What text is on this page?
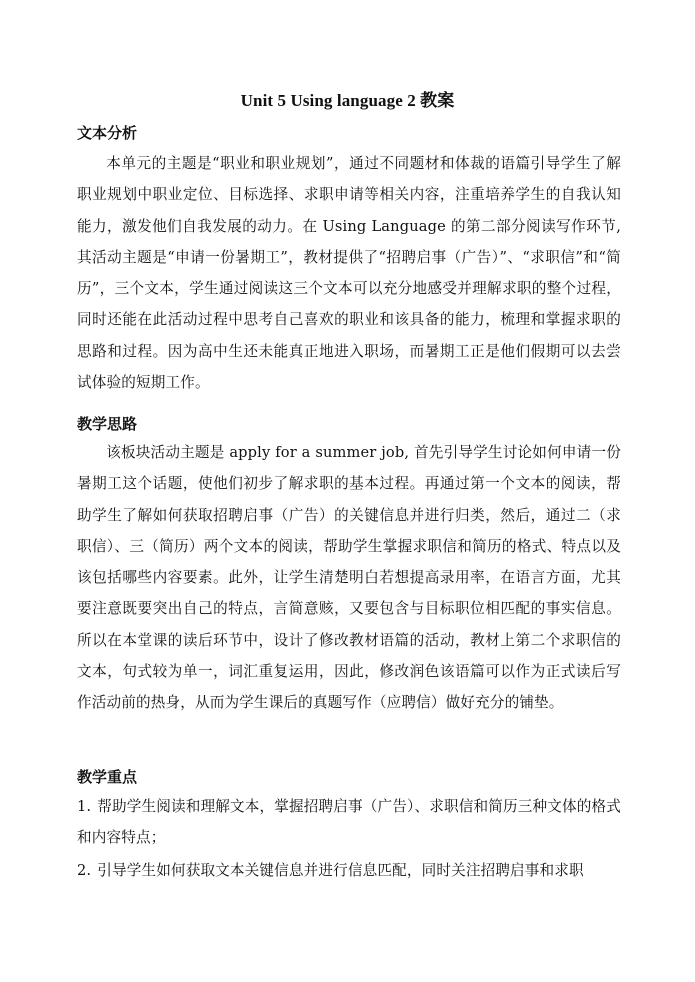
Unit 5 Using language 2 教案
文本分析
本单元的主题是“职业和职业规划”，通过不同题材和体裁的语篇引导学生了解职业规划中职业定位、目标选择、求职申请等相关内容，注重培养学生的自我认知能力，激发他们自我发展的动力。在 Using Language 的第二部分阅读写作环节, 其活动主题是“申请一份暑期工”，教材提供了“招聘启事（广告）”、“求职信”和“简历”，三个文本，学生通过阅读这三个文本可以充分地感受并理解求职的整个过程，同时还能在此活动过程中思考自己喜欢的职业和该具备的能力，梳理和掌握求职的思路和过程。因为高中生还未能真正地进入职场，而暑期工正是他们假期可以去尝试体验的短期工作。
教学思路
该板块活动主题是 apply for a summer job, 首先引导学生讨论如何申请一份暑期工这个话题，使他们初步了解求职的基本过程。再通过第一个文本的阅读，帮助学生了解如何获取招聘启事（广告）的关键信息并进行归类，然后，通过二（求职信）、三（简历）两个文本的阅读，帮助学生掌握求职信和简历的格式、特点以及该包括哪些内容要素。此外，让学生清楚明白若想提高录用率，在语言方面，尤其要注意既要突出自己的特点，言简意赅，又要包含与目标职位相匹配的事实信息。所以在本堂课的读后环节中，设计了修改教材语篇的活动，教材上第二个求职信的文本，句式较为单一，词汇重复运用，因此，修改润色该语篇可以作为正式读后写作活动前的热身，从而为学生课后的真题写作（应聘信）做好充分的铺垫。
教学重点
1. 帮助学生阅读和理解文本，掌握招聘启事（广告）、求职信和简历三种文体的格式和内容特点；
2. 引导学生如何获取文本关键信息并进行信息匹配，同时关注招聘启事和求职
